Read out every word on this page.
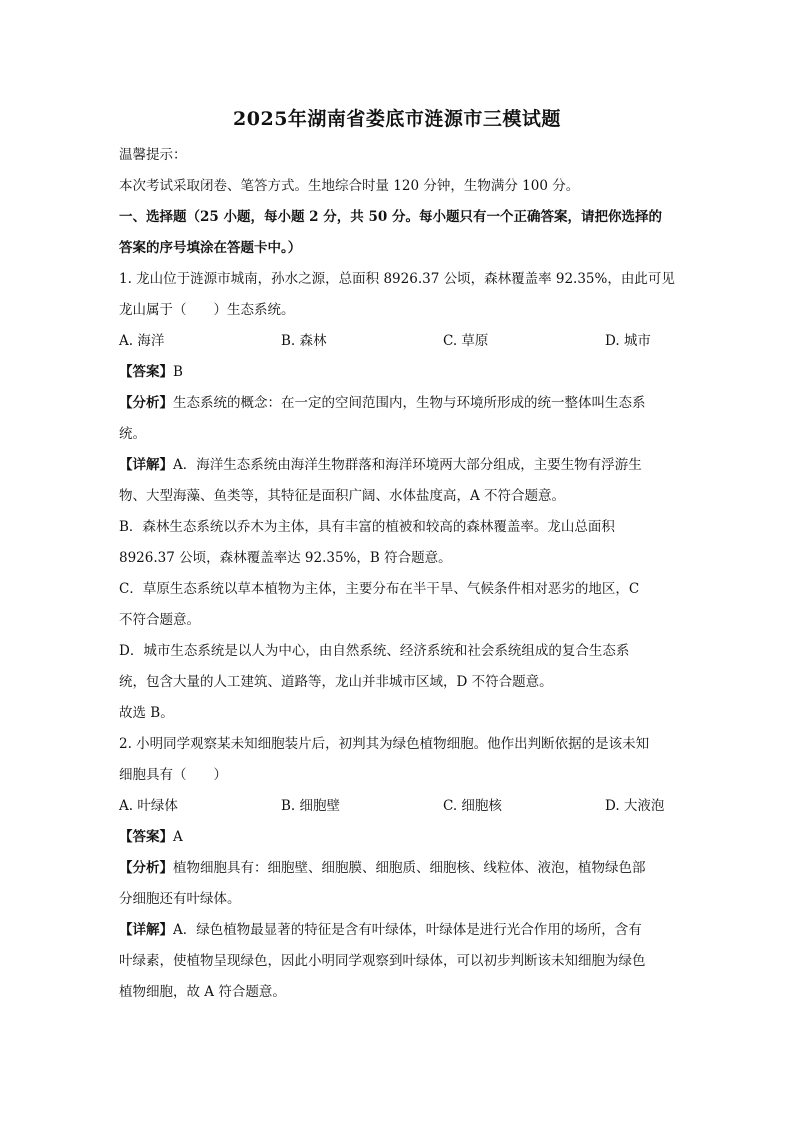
2025年湖南省娄底市涟源市三模试题
温馨提示：
本次考试采取闭卷、笔答方式。生地综合时量 120 分钟，生物满分 100 分。
一、选择题（25 小题，每小题 2 分，共 50 分。每小题只有一个正确答案，请把你选择的
答案的序号填涂在答题卡中。）
1. 龙山位于涟源市城南，孙水之源，总面积 8926.37 公顷，森林覆盖率 92.35%，由此可见
龙山属于（　　）生态系统。
A. 海洋	B. 森林	C. 草原	D. 城市
【答案】B
【分析】生态系统的概念：在一定的空间范围内，生物与环境所形成的统一整体叫生态系
统。
【详解】A．海洋生态系统由海洋生物群落和海洋环境两大部分组成，主要生物有浮游生
物、大型海藻、鱼类等，其特征是面积广阔、水体盐度高，A 不符合题意。
B．森林生态系统以乔木为主体，具有丰富的植被和较高的森林覆盖率。龙山总面积
8926.37 公顷，森林覆盖率达 92.35%，B 符合题意。
C．草原生态系统以草本植物为主体，主要分布在半干旱、气候条件相对恶劣的地区，C
不符合题意。
D．城市生态系统是以人为中心，由自然系统、经济系统和社会系统组成的复合生态系
统，包含大量的人工建筑、道路等，龙山并非城市区域，D 不符合题意。
故选 B。
2. 小明同学观察某未知细胞装片后，初判其为绿色植物细胞。他作出判断依据的是该未知
细胞具有（　　）
A. 叶绿体	B. 细胞壁	C. 细胞核	D. 大液泡
【答案】A
【分析】植物细胞具有：细胞壁、细胞膜、细胞质、细胞核、线粒体、液泡，植物绿色部
分细胞还有叶绿体。
【详解】A．绿色植物最显著的特征是含有叶绿体，叶绿体是进行光合作用的场所，含有
叶绿素，使植物呈现绿色，因此小明同学观察到叶绿体，可以初步判断该未知细胞为绿色
植物细胞，故 A 符合题意。
